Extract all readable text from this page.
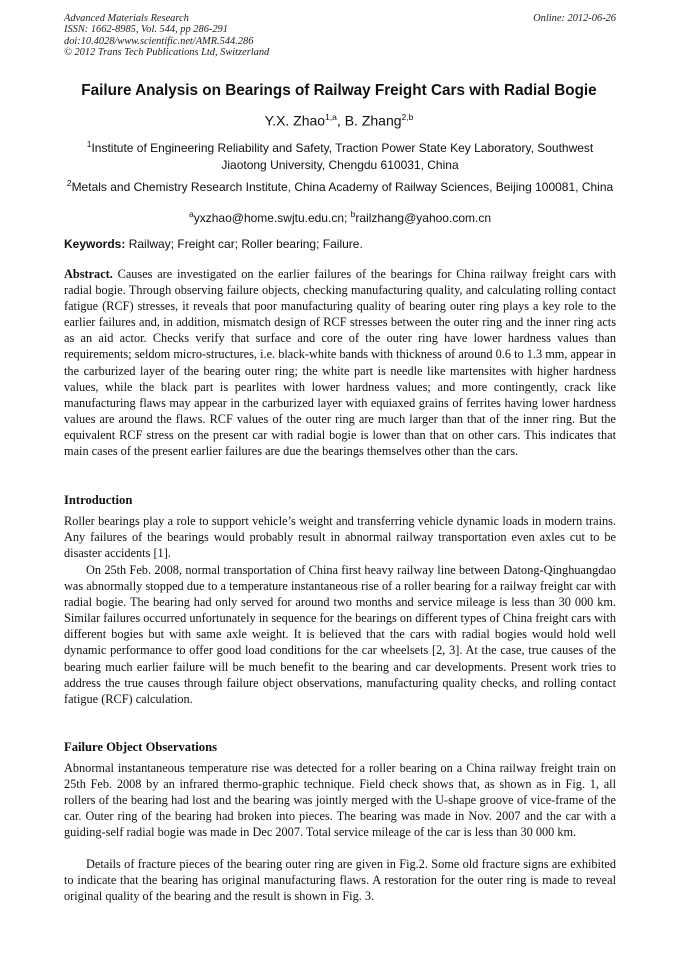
Advanced Materials Research
ISSN: 1662-8985, Vol. 544, pp 286-291
doi:10.4028/www.scientific.net/AMR.544.286
© 2012 Trans Tech Publications Ltd, Switzerland
Online: 2012-06-26
Failure Analysis on Bearings of Railway Freight Cars with Radial Bogie
Y.X. Zhao$^{1,a}$, B. Zhang$^{2,b}$
$^1$Institute of Engineering Reliability and Safety, Traction Power State Key Laboratory, Southwest Jiaotong University, Chengdu 610031, China
$^2$Metals and Chemistry Research Institute, China Academy of Railway Sciences, Beijing 100081, China
$^a$yxzhao@home.swjtu.edu.cn; $^b$railzhang@yahoo.com.cn
Keywords: Railway; Freight car; Roller bearing; Failure.
Abstract. Causes are investigated on the earlier failures of the bearings for China railway freight cars with radial bogie. Through observing failure objects, checking manufacturing quality, and calculating rolling contact fatigue (RCF) stresses, it reveals that poor manufacturing quality of bearing outer ring plays a key role to the earlier failures and, in addition, mismatch design of RCF stresses between the outer ring and the inner ring acts as an aid actor. Checks verify that surface and core of the outer ring have lower hardness values than requirements; seldom micro-structures, i.e. black-white bands with thickness of around 0.6 to 1.3 mm, appear in the carburized layer of the bearing outer ring; the white part is needle like martensites with higher hardness values, while the black part is pearlites with lower hardness values; and more contingently, crack like manufacturing flaws may appear in the carburized layer with equiaxed grains of ferrites having lower hardness values are around the flaws. RCF values of the outer ring are much larger than that of the inner ring. But the equivalent RCF stress on the present car with radial bogie is lower than that on other cars. This indicates that main cases of the present earlier failures are due the bearings themselves other than the cars.
Introduction
Roller bearings play a role to support vehicle’s weight and transferring vehicle dynamic loads in modern trains. Any failures of the bearings would probably result in abnormal railway transportation even axles cut to be disaster accidents [1].
On 25th Feb. 2008, normal transportation of China first heavy railway line between Datong-Qinghuangdao was abnormally stopped due to a temperature instantaneous rise of a roller bearing for a railway freight car with radial bogie. The bearing had only served for around two months and service mileage is less than 30 000 km. Similar failures occurred unfortunately in sequence for the bearings on different types of China freight cars with different bogies but with same axle weight. It is believed that the cars with radial bogies would hold well dynamic performance to offer good load conditions for the car wheelsets [2, 3]. At the case, true causes of the bearing much earlier failure will be much benefit to the bearing and car developments. Present work tries to address the true causes through failure object observations, manufacturing quality checks, and rolling contact fatigue (RCF) calculation.
Failure Object Observations
Abnormal instantaneous temperature rise was detected for a roller bearing on a China railway freight train on 25th Feb. 2008 by an infrared thermo-graphic technique. Field check shows that, as shown as in Fig. 1, all rollers of the bearing had lost and the bearing was jointly merged with the U-shape groove of vice-frame of the car. Outer ring of the bearing had broken into pieces. The bearing was made in Nov. 2007 and the car with a guiding-self radial bogie was made in Dec 2007. Total service mileage of the car is less than 30 000 km.
Details of fracture pieces of the bearing outer ring are given in Fig.2. Some old fracture signs are exhibited to indicate that the bearing has original manufacturing flaws. A restoration for the outer ring is made to reveal original quality of the bearing and the result is shown in Fig. 3.
